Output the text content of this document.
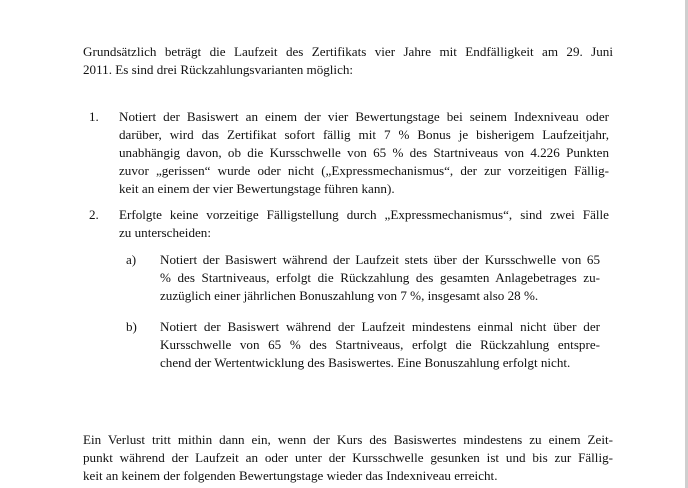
Grundsätzlich beträgt die Laufzeit des Zertifikats vier Jahre mit Endfälligkeit am 29. Juni
2011. Es sind drei Rückzahlungsvarianten möglich:
1. Notiert der Basiswert an einem der vier Bewertungstage bei seinem Indexniveau oder
darüber, wird das Zertifikat sofort fällig mit 7 % Bonus je bisherigem Laufzeitjahr,
unabhängig davon, ob die Kursschwelle von 65 % des Startniveaus von 4.226 Punkten
zuvor „gerissen“ wurde oder nicht („Expressmechanismus“, der zur vorzeitigen Fällig-
keit an einem der vier Bewertungstage führen kann).
2. Erfolgte keine vorzeitige Fälligstellung durch „Expressmechanismus“, sind zwei Fälle
zu unterscheiden:
a) Notiert der Basiswert während der Laufzeit stets über der Kursschwelle von 65
% des Startniveaus, erfolgt die Rückzahlung des gesamten Anlagebetrages zu-
zuzüglich einer jährlichen Bonuszahlung von 7 %, insgesamt also 28 %.
b) Notiert der Basiswert während der Laufzeit mindestens einmal nicht über der
Kursschwelle von 65 % des Startniveaus, erfolgt die Rückzahlung entspre-
chend der Wertentwicklung des Basiswertes. Eine Bonuszahlung erfolgt nicht.
Ein Verlust tritt mithin dann ein, wenn der Kurs des Basiswertes mindestens zu einem Zeit-
punkt während der Laufzeit an oder unter der Kursschwelle gesunken ist und bis zur Fällig-
keit an keinem der folgenden Bewertungstage wieder das Indexniveau erreicht.
